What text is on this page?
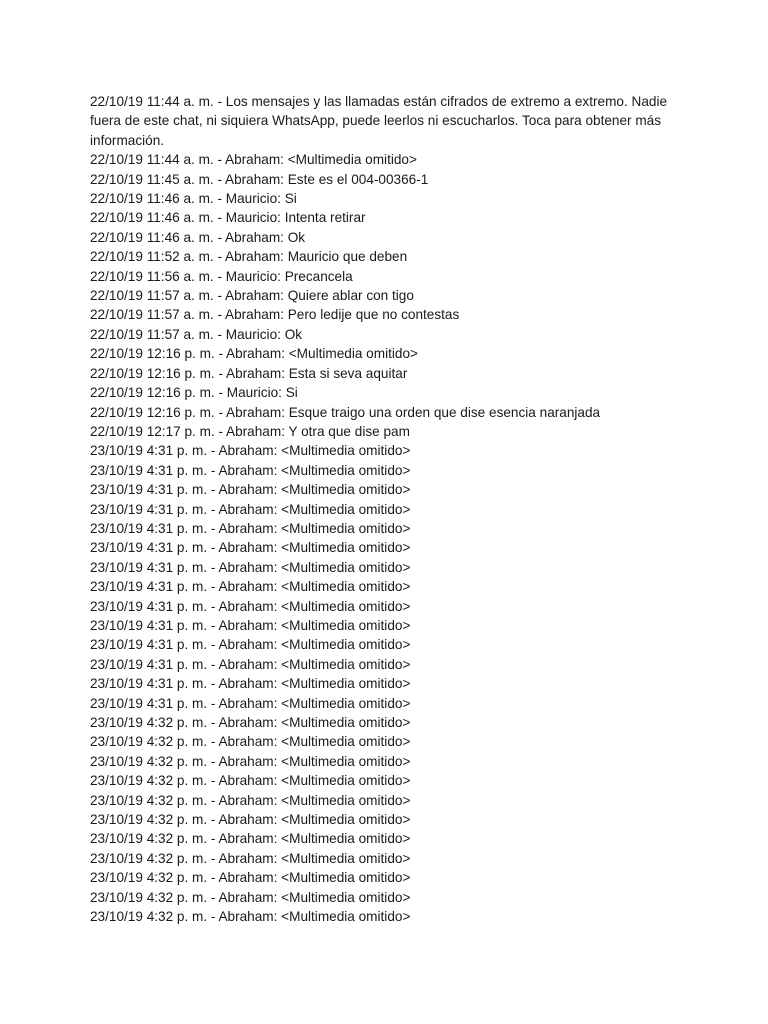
22/10/19 11:44 a. m. - Los mensajes y las llamadas están cifrados de extremo a extremo. Nadie fuera de este chat, ni siquiera WhatsApp, puede leerlos ni escucharlos. Toca para obtener más información.

22/10/19 11:44 a. m. - Abraham: <Multimedia omitido>
22/10/19 11:45 a. m. - Abraham: Este es el 004-00366-1
22/10/19 11:46 a. m. - Mauricio: Si
22/10/19 11:46 a. m. - Mauricio: Intenta retirar
22/10/19 11:46 a. m. - Abraham: Ok
22/10/19 11:52 a. m. - Abraham: Mauricio que deben
22/10/19 11:56 a. m. - Mauricio: Precancela
22/10/19 11:57 a. m. - Abraham: Quiere ablar con tigo
22/10/19 11:57 a. m. - Abraham: Pero ledije que no contestas
22/10/19 11:57 a. m. - Mauricio: Ok
22/10/19 12:16 p. m. - Abraham: <Multimedia omitido>
22/10/19 12:16 p. m. - Abraham: Esta si seva aquitar
22/10/19 12:16 p. m. - Mauricio: Si
22/10/19 12:16 p. m. - Abraham: Esque traigo una orden que dise esencia naranjada
22/10/19 12:17 p. m. - Abraham: Y otra que dise pam
23/10/19 4:31 p. m. - Abraham: <Multimedia omitido>
23/10/19 4:31 p. m. - Abraham: <Multimedia omitido>
23/10/19 4:31 p. m. - Abraham: <Multimedia omitido>
23/10/19 4:31 p. m. - Abraham: <Multimedia omitido>
23/10/19 4:31 p. m. - Abraham: <Multimedia omitido>
23/10/19 4:31 p. m. - Abraham: <Multimedia omitido>
23/10/19 4:31 p. m. - Abraham: <Multimedia omitido>
23/10/19 4:31 p. m. - Abraham: <Multimedia omitido>
23/10/19 4:31 p. m. - Abraham: <Multimedia omitido>
23/10/19 4:31 p. m. - Abraham: <Multimedia omitido>
23/10/19 4:31 p. m. - Abraham: <Multimedia omitido>
23/10/19 4:31 p. m. - Abraham: <Multimedia omitido>
23/10/19 4:31 p. m. - Abraham: <Multimedia omitido>
23/10/19 4:31 p. m. - Abraham: <Multimedia omitido>
23/10/19 4:32 p. m. - Abraham: <Multimedia omitido>
23/10/19 4:32 p. m. - Abraham: <Multimedia omitido>
23/10/19 4:32 p. m. - Abraham: <Multimedia omitido>
23/10/19 4:32 p. m. - Abraham: <Multimedia omitido>
23/10/19 4:32 p. m. - Abraham: <Multimedia omitido>
23/10/19 4:32 p. m. - Abraham: <Multimedia omitido>
23/10/19 4:32 p. m. - Abraham: <Multimedia omitido>
23/10/19 4:32 p. m. - Abraham: <Multimedia omitido>
23/10/19 4:32 p. m. - Abraham: <Multimedia omitido>
23/10/19 4:32 p. m. - Abraham: <Multimedia omitido>
23/10/19 4:32 p. m. - Abraham: <Multimedia omitido>
